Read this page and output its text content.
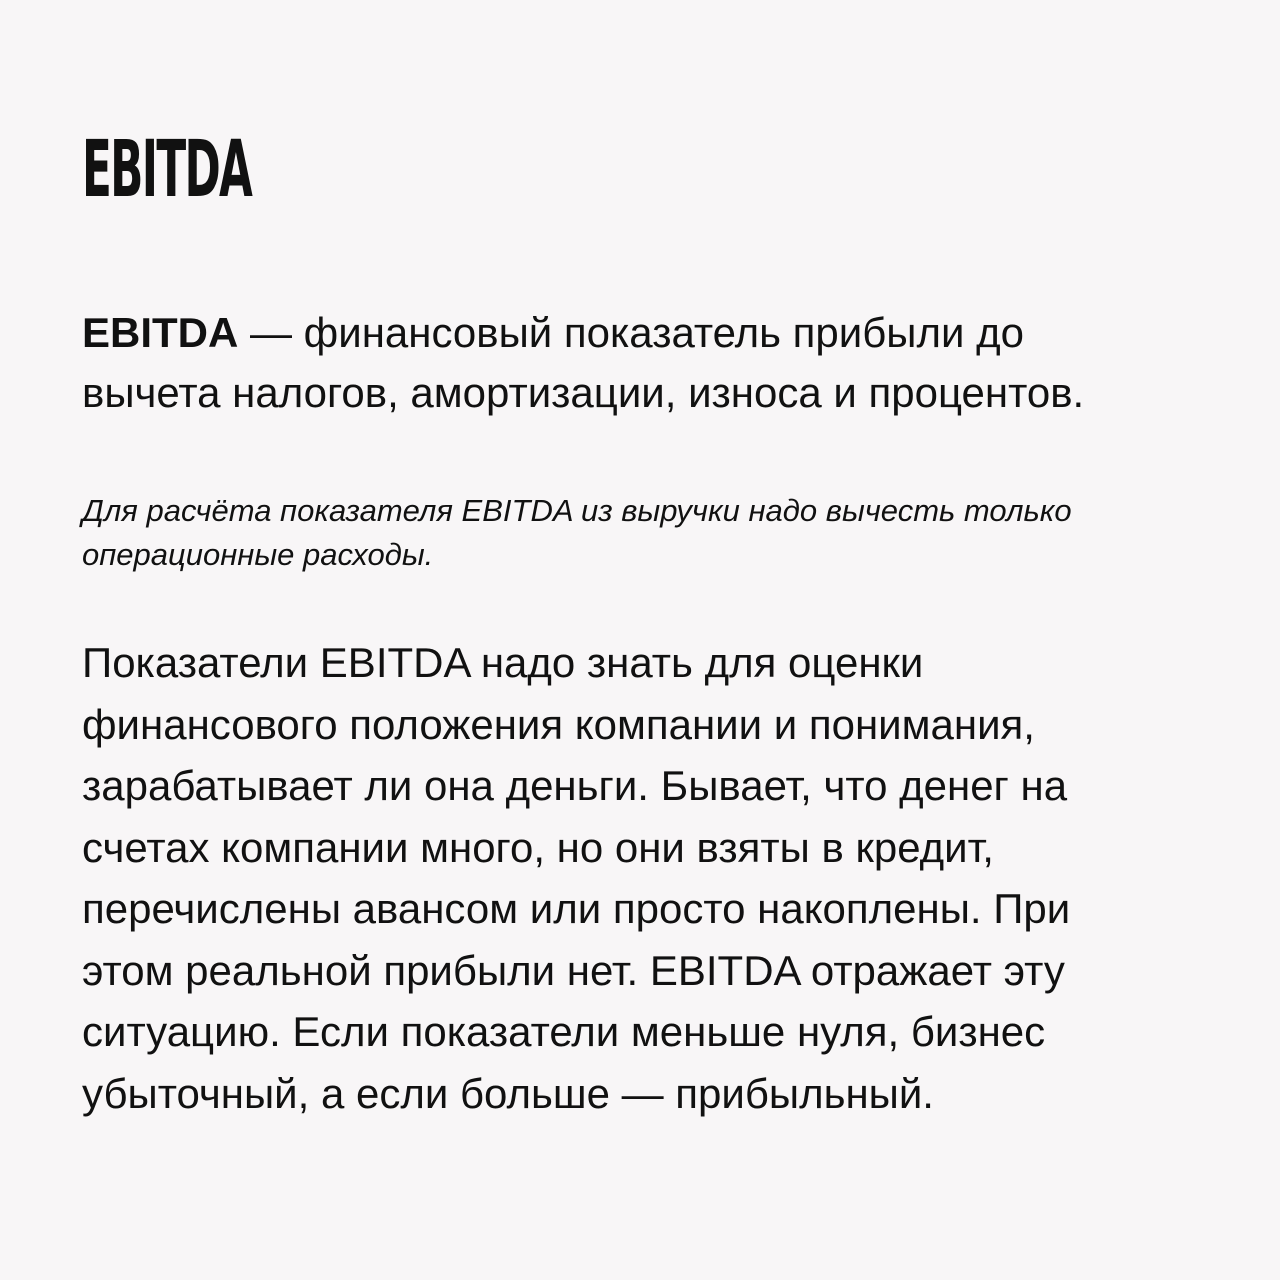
EBITDA

EBITDA — финансовый показатель прибыли до
вычета налогов, амортизации, износа и процентов.

Для расчёта показателя EBITDA из выручки надо вычесть только
операционные расходы.

Показатели EBITDA надо знать для оценки
финансового положения компании и понимания,
зарабатывает ли она деньги. Бывает, что денег на
счетах компании много, но они взяты в кредит,
перечислены авансом или просто накоплены. При
этом реальной прибыли нет. EBITDA отражает эту
ситуацию. Если показатели меньше нуля, бизнес
убыточный, а если больше — прибыльный.
